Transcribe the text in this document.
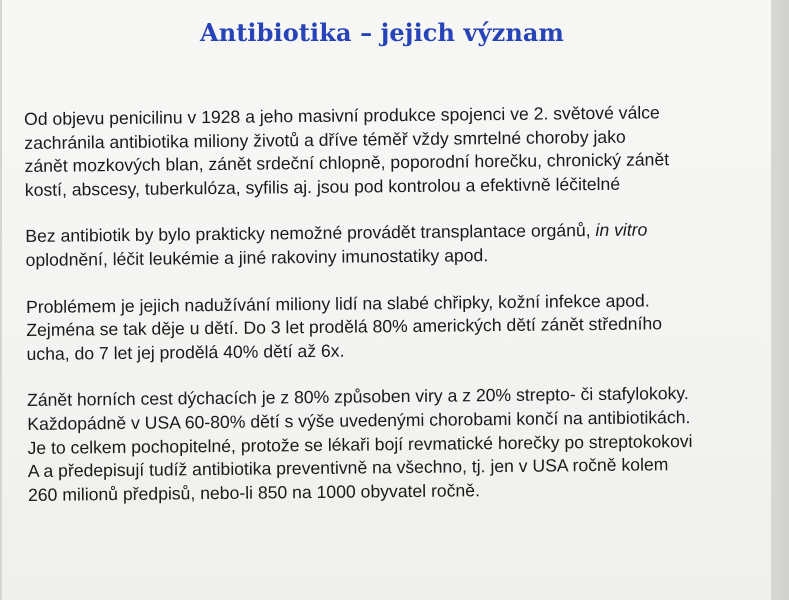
Antibiotika – jejich význam

Od objevu penicilinu v 1928 a jeho masivní produkce spojenci ve 2. světové válce
zachránila antibiotika miliony životů a dříve téměř vždy smrtelné choroby jako
zánět mozkových blan, zánět srdeční chlopně, poporodní horečku, chronický zánět
kostí, abscesy, tuberkulóza, syfilis aj. jsou pod kontrolou a efektivně léčitelné

Bez antibiotik by bylo prakticky nemožné provádět transplantace orgánů, in vitro
oplodnění, léčit leukémie a jiné rakoviny imunostatiky apod.

Problémem je jejich nadužívání miliony lidí na slabé chřipky, kožní infekce apod.
Zejména se tak děje u dětí. Do 3 let prodělá 80% amerických dětí zánět středního
ucha, do 7 let jej prodělá 40% dětí až 6x.

Zánět horních cest dýchacích je z 80% způsoben viry a z 20% strepto- či stafylokoky.
Každopádně v USA 60-80% dětí s výše uvedenými chorobami končí na antibiotikách.
Je to celkem pochopitelné, protože se lékaři bojí revmatické horečky po streptokokovi
A a předepisují tudíž antibiotika preventivně na všechno, tj. jen v USA ročně kolem
260 milionů předpisů, nebo-li 850 na 1000 obyvatel ročně.
